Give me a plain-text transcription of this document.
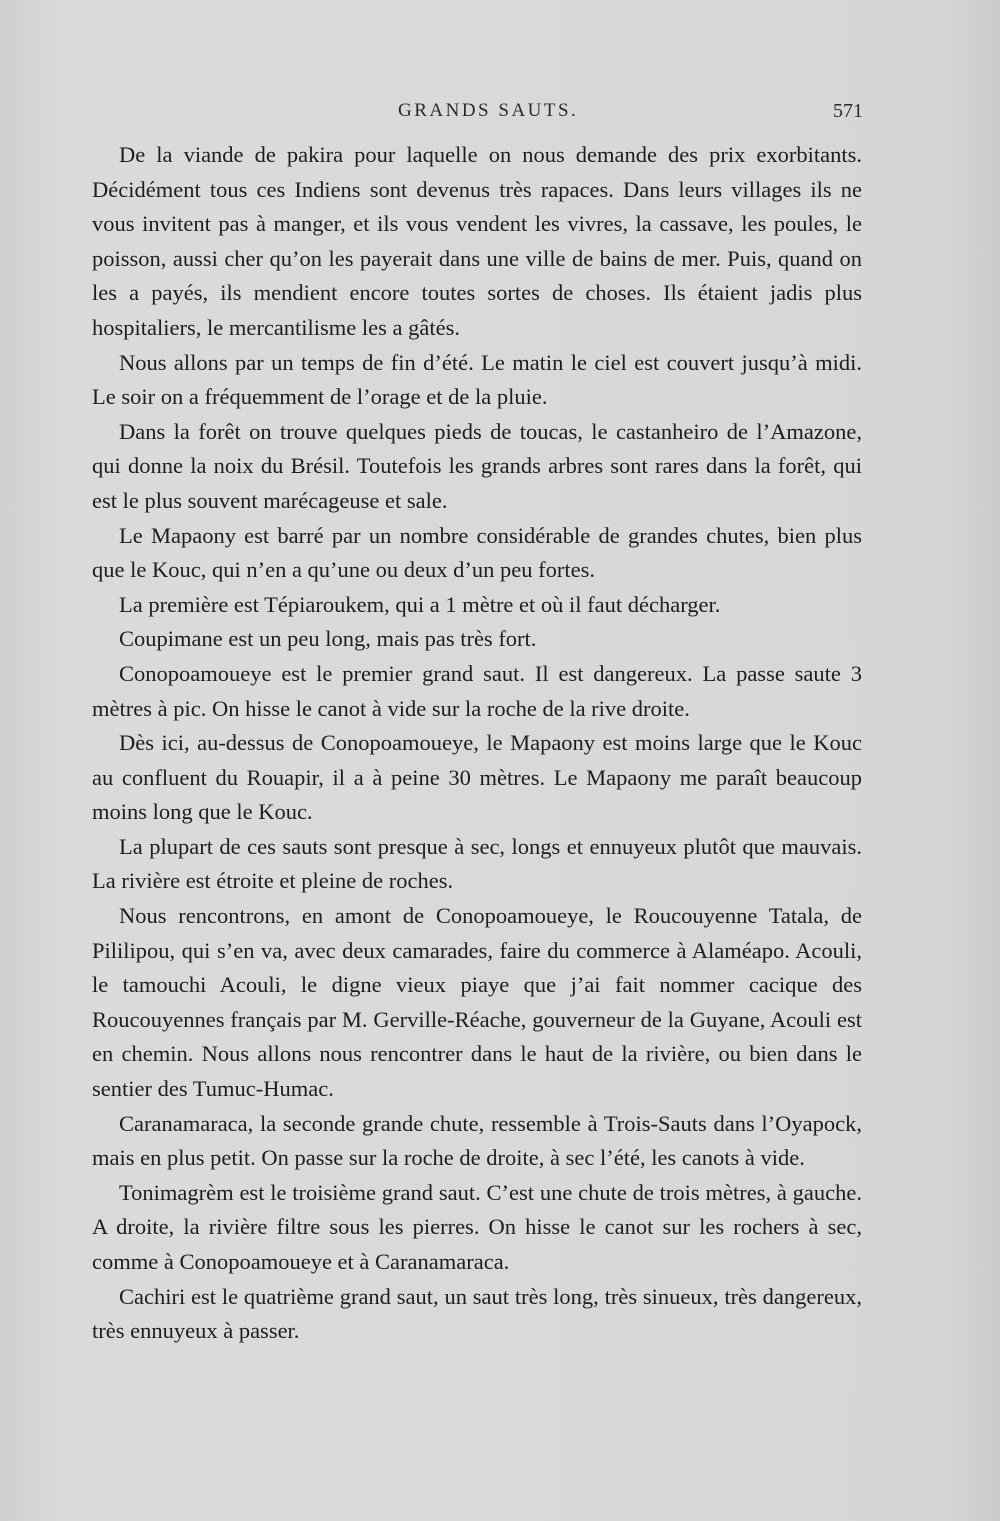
GRANDS SAUTS.	571

De la viande de pakira pour laquelle on nous demande des prix exorbitants. Décidément tous ces Indiens sont devenus très rapaces. Dans leurs villages ils ne vous invitent pas à manger, et ils vous vendent les vivres, la cassave, les poules, le poisson, aussi cher qu’on les payerait dans une ville de bains de mer. Puis, quand on les a payés, ils mendient encore toutes sortes de choses. Ils étaient jadis plus hospitaliers, le mercantilisme les a gâtés.

Nous allons par un temps de fin d’été. Le matin le ciel est couvert jusqu’à midi. Le soir on a fréquemment de l’orage et de la pluie.

Dans la forêt on trouve quelques pieds de toucas, le castanheiro de l’Amazone, qui donne la noix du Brésil. Toutefois les grands arbres sont rares dans la forêt, qui est le plus souvent marécageuse et sale.

Le Mapaony est barré par un nombre considérable de grandes chutes, bien plus que le Kouc, qui n’en a qu’une ou deux d’un peu fortes.

La première est Tépiaroukem, qui a 1 mètre et où il faut décharger.

Coupimane est un peu long, mais pas très fort.

Conopoamoueye est le premier grand saut. Il est dangereux. La passe saute 3 mètres à pic. On hisse le canot à vide sur la roche de la rive droite.

Dès ici, au-dessus de Conopoamoueye, le Mapaony est moins large que le Kouc au confluent du Rouapir, il a à peine 30 mètres. Le Mapaony me paraît beaucoup moins long que le Kouc.

La plupart de ces sauts sont presque à sec, longs et ennuyeux plutôt que mauvais. La rivière est étroite et pleine de roches.

Nous rencontrons, en amont de Conopoamoueye, le Roucouyenne Tatala, de Pililipou, qui s’en va, avec deux camarades, faire du commerce à Alaméapo. Acouli, le tamouchi Acouli, le digne vieux piaye que j’ai fait nommer cacique des Roucouyennes français par M. Gerville-Réache, gouverneur de la Guyane, Acouli est en chemin. Nous allons nous rencontrer dans le haut de la rivière, ou bien dans le sentier des Tumuc-Humac.

Caranamaraca, la seconde grande chute, ressemble à Trois-Sauts dans l’Oyapock, mais en plus petit. On passe sur la roche de droite, à sec l’été, les canots à vide.

Tonimagrèm est le troisième grand saut. C’est une chute de trois mètres, à gauche. A droite, la rivière filtre sous les pierres. On hisse le canot sur les rochers à sec, comme à Conopoamoueye et à Caranamaraca.

Cachiri est le quatrième grand saut, un saut très long, très sinueux, très dangereux, très ennuyeux à passer.
